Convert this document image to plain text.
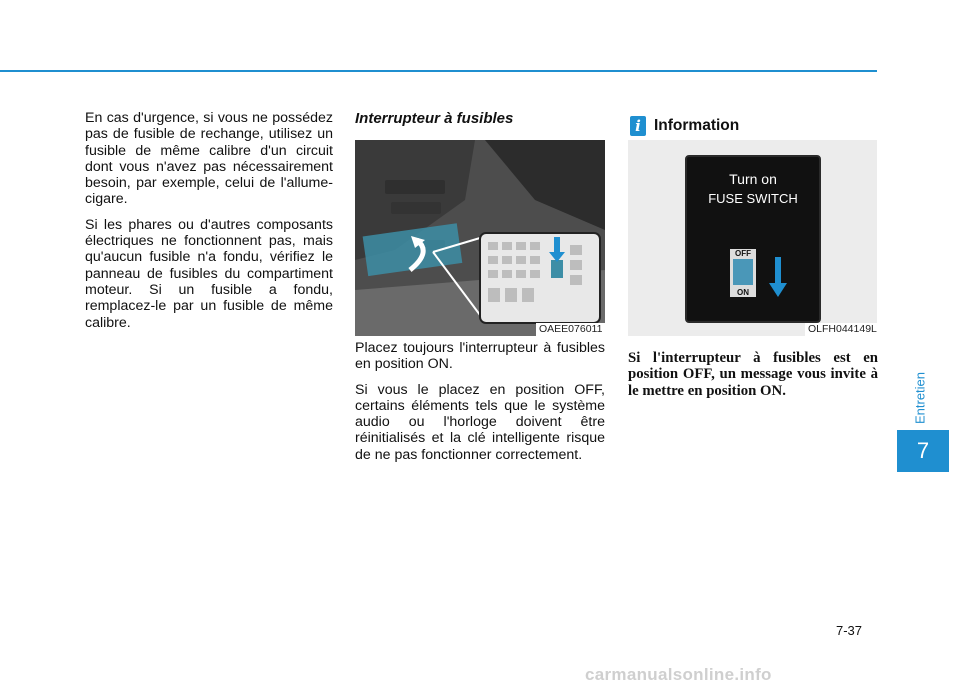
En cas d'urgence, si vous ne possédez pas de fusible de rechange, utilisez un fusible de même calibre d'un circuit dont vous n'avez pas nécessairement besoin, par exemple, celui de l'allume-cigare.

Si les phares ou d'autres composants électriques ne fonctionnent pas, mais qu'aucun fusible n'a fondu, vérifiez le panneau de fusibles du compartiment moteur. Si un fusible a fondu, remplacez-le par un fusible de même calibre.

Interrupteur à fusibles
OAEE076011

Placez toujours l'interrupteur à fusibles en position ON.

Si vous le placez en position OFF, certains éléments tels que le système audio ou l'horloge doivent être réinitialisés et la clé intelligente risque de ne pas fonctionner correctement.

i Information
Turn on
FUSE SWITCH
OFF
ON
OLFH044149L
Si l'interrupteur à fusibles est en position OFF, un message vous invite à le mettre en position ON.	Entretien
7
7-37
carmanualsonline.info
